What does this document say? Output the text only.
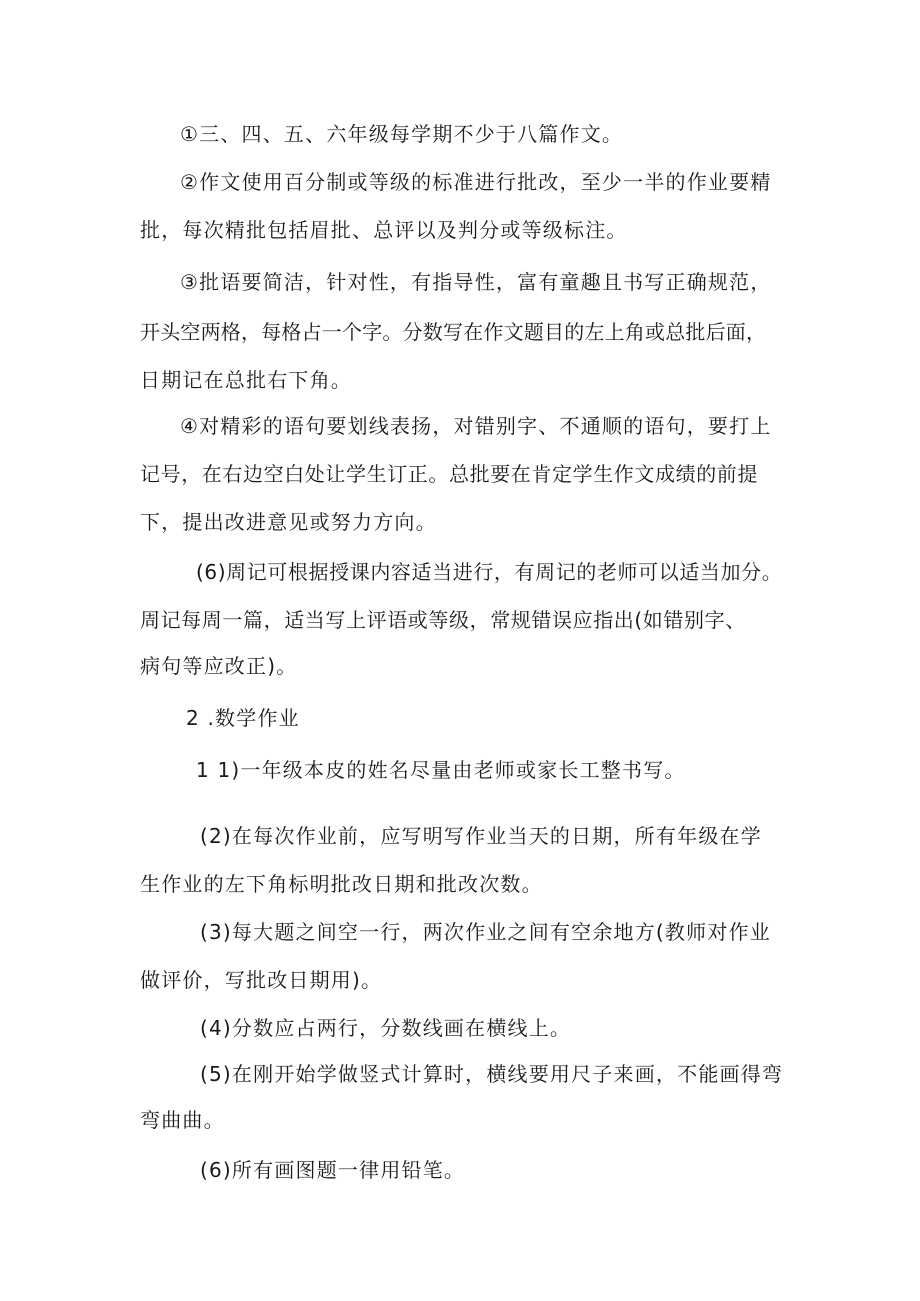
①三、四、五、六年级每学期不少于八篇作文。
②作文使用百分制或等级的标准进行批改，至少一半的作业要精
批，每次精批包括眉批、总评以及判分或等级标注。
③批语要简洁，针对性，有指导性，富有童趣且书写正确规范，
开头空两格，每格占一个字。分数写在作文题目的左上角或总批后面，
日期记在总批右下角。
④对精彩的语句要划线表扬，对错别字、不通顺的语句，要打上
记号，在右边空白处让学生订正。总批要在肯定学生作文成绩的前提
下，提出改进意见或努力方向。
(6)周记可根据授课内容适当进行，有周记的老师可以适当加分。
周记每周一篇，适当写上评语或等级，常规错误应指出(如错别字、
病句等应改正)。
2 .数学作业
1 1)一年级本皮的姓名尽量由老师或家长工整书写。
(2)在每次作业前，应写明写作业当天的日期，所有年级在学
生作业的左下角标明批改日期和批改次数。
(3)每大题之间空一行，两次作业之间有空余地方(教师对作业
做评价，写批改日期用)。
(4)分数应占两行，分数线画在横线上。
(5)在刚开始学做竖式计算时，横线要用尺子来画，不能画得弯
弯曲曲。
(6)所有画图题一律用铅笔。
